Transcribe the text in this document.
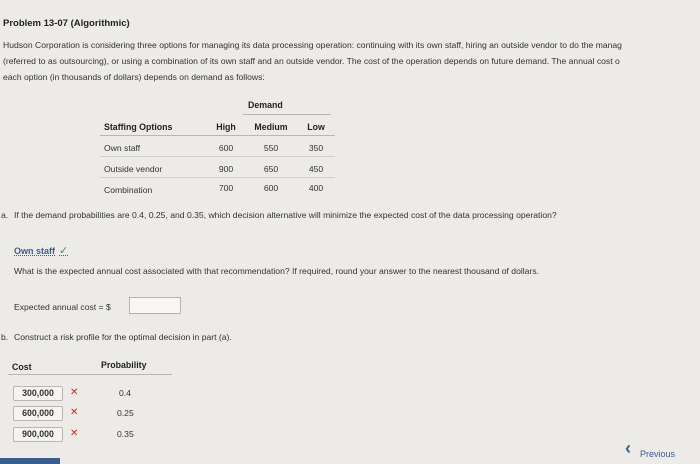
Problem 13-07 (Algorithmic)
Hudson Corporation is considering three options for managing its data processing operation: continuing with its own staff, hiring an outside vendor to do the manag
(referred to as outsourcing), or using a combination of its own staff and an outside vendor. The cost of the operation depends on future demand. The annual cost o
each option (in thousands of dollars) depends on demand as follows:
Demand
Staffing Options	High	Medium	Low
Own staff	600	550	350
Outside vendor	900	650	450
Combination	700	600	400
a. If the demand probabilities are 0.4, 0.25, and 0.35, which decision alternative will minimize the expected cost of the data processing operation?
Own staff ✓
What is the expected annual cost associated with that recommendation? If required, round your answer to the nearest thousand of dollars.
Expected annual cost = $
b. Construct a risk profile for the optimal decision in part (a).
Cost	Probability
300,000	✕	0.4
600,000	✕	0.25
900,000	✕	0.35
‹ Previous
